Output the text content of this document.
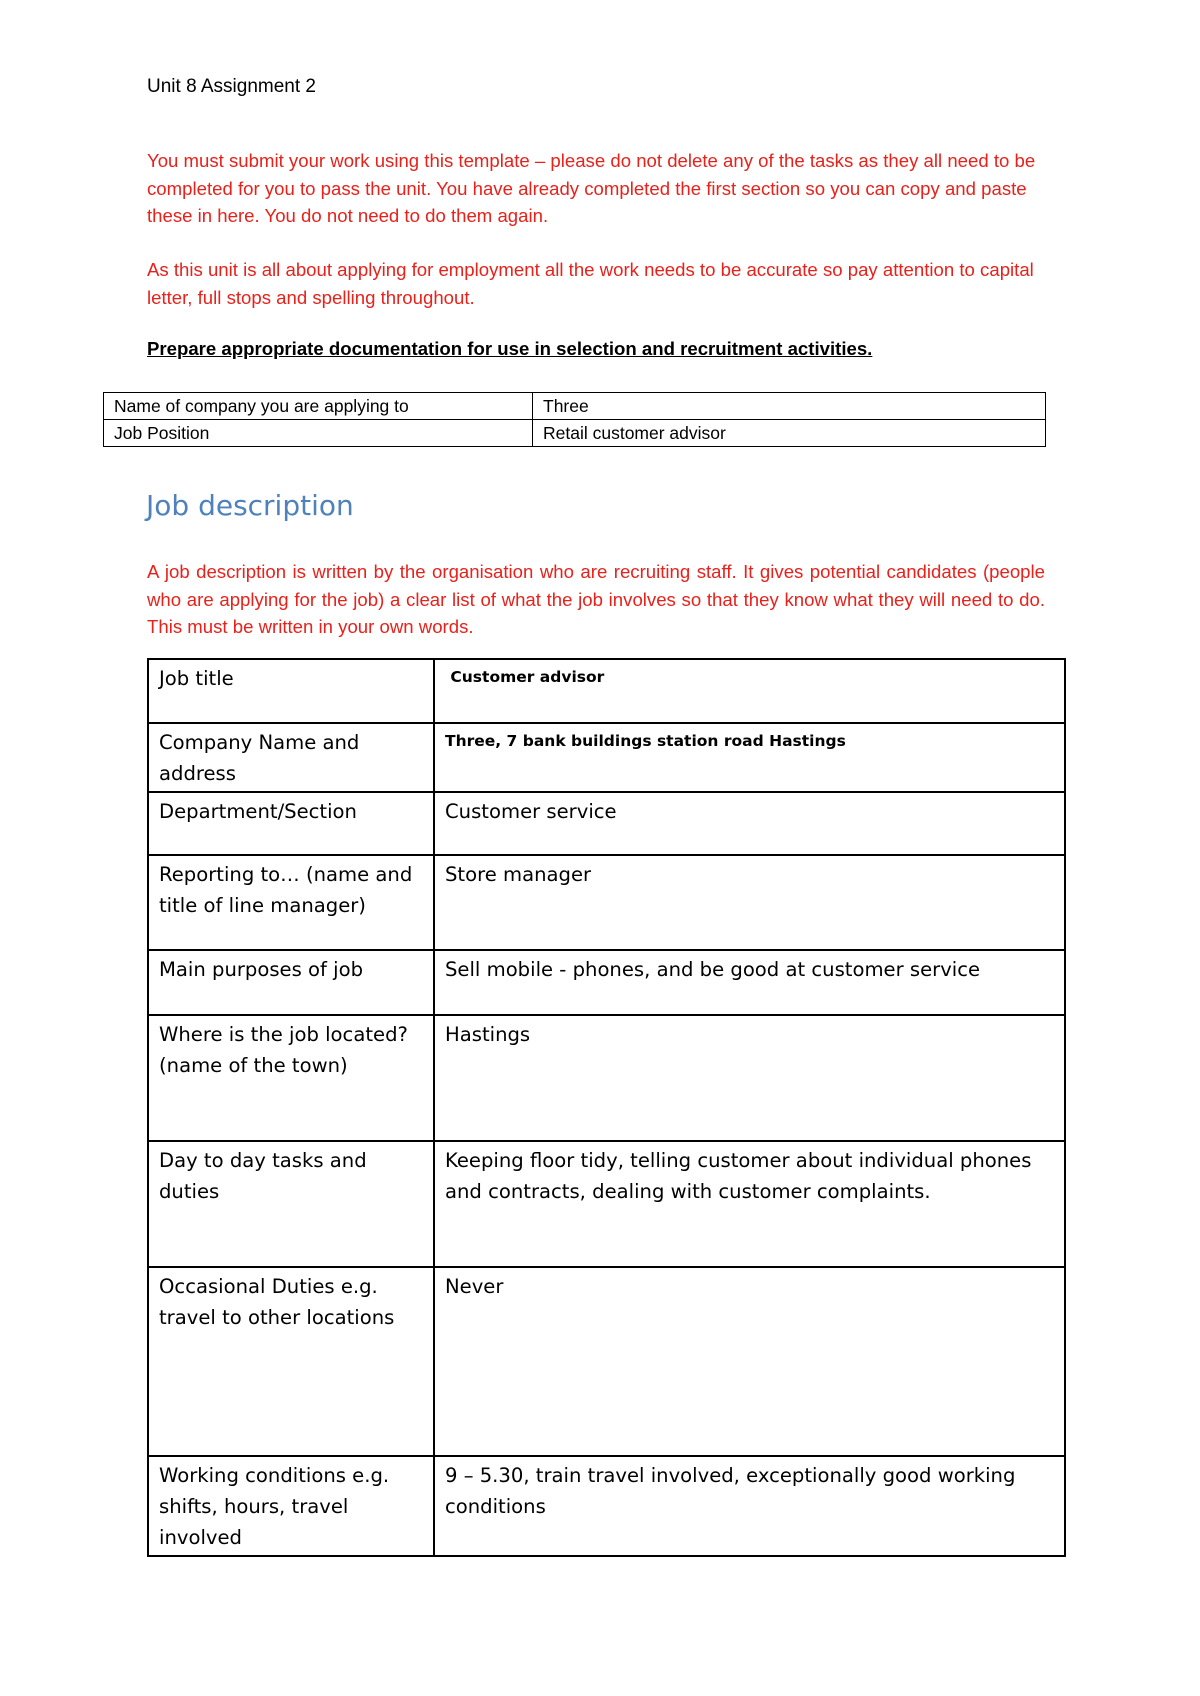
Unit 8 Assignment 2
You must submit your work using this template – please do not delete any of the tasks as they all need to be completed for you to pass the unit. You have already completed the first section so you can copy and paste these in here. You do not need to do them again.
As this unit is all about applying for employment all the work needs to be accurate so pay attention to capital letter, full stops and spelling throughout.
Prepare appropriate documentation for use in selection and recruitment activities.
Name of company you are applying to	Three
Job Position	Retail customer advisor
Job description
A job description is written by the organisation who are recruiting staff. It gives potential candidates (people who are applying for the job) a clear list of what the job involves so that they know what they will need to do. This must be written in your own words.
Job title	Customer advisor
Company Name and address	Three, 7 bank buildings station road Hastings
Department/Section	Customer service
Reporting to… (name and title of line manager)	Store manager
Main purposes of job	Sell mobile - phones, and be good at customer service
Where is the job located? (name of the town)	Hastings
Day to day tasks and duties	Keeping floor tidy, telling customer about individual phones and contracts, dealing with customer complaints.
Occasional Duties e.g. travel to other locations	Never
Working conditions e.g. shifts, hours, travel involved	9 – 5.30, train travel involved, exceptionally good working conditions
